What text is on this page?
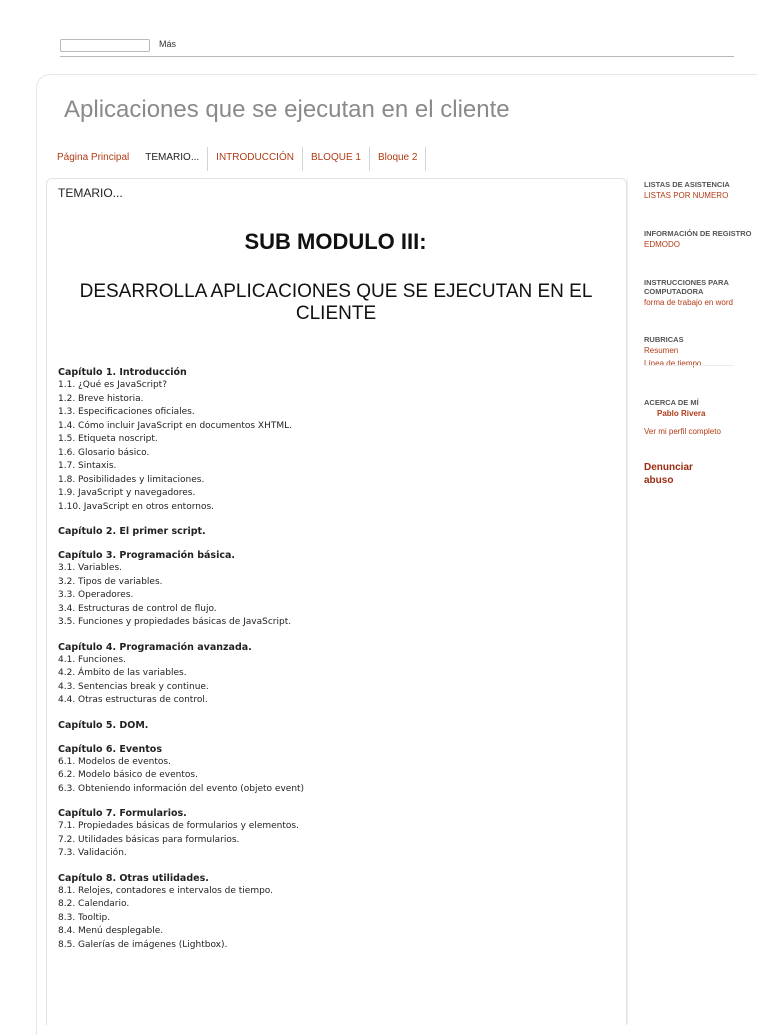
Más
Aplicaciones que se ejecutan en el cliente
Página Principal	TEMARIO...	INTRODUCCIÓN	BLOQUE 1	Bloque 2
TEMARIO...
SUB MODULO III:
DESARROLLA APLICACIONES QUE SE EJECUTAN EN EL CLIENTE
Capítulo 1. Introducción
1.1. ¿Qué es JavaScript?
1.2. Breve historia.
1.3. Especificaciones oficiales.
1.4. Cómo incluir JavaScript en documentos XHTML.
1.5. Etiqueta noscript.
1.6. Glosario básico.
1.7. Sintaxis.
1.8. Posibilidades y limitaciones.
1.9. JavaScript y navegadores.
1.10. JavaScript en otros entornos.
Capítulo 2. El primer script.
Capítulo 3. Programación básica.
3.1. Variables.
3.2. Tipos de variables.
3.3. Operadores.
3.4. Estructuras de control de flujo.
3.5. Funciones y propiedades básicas de JavaScript.
Capítulo 4. Programación avanzada.
4.1. Funciones.
4.2. Ámbito de las variables.
4.3. Sentencias break y continue.
4.4. Otras estructuras de control.
Capítulo 5. DOM.
Capítulo 6. Eventos
6.1. Modelos de eventos.
6.2. Modelo básico de eventos.
6.3. Obteniendo información del evento (objeto event)
Capítulo 7. Formularios.
7.1. Propiedades básicas de formularios y elementos.
7.2. Utilidades básicas para formularios.
7.3. Validación.
Capítulo 8. Otras utilidades.
8.1. Relojes, contadores e intervalos de tiempo.
8.2. Calendario.
8.3. Tooltip.
8.4. Menú desplegable.
8.5. Galerías de imágenes (Lightbox).
LISTAS DE ASISTENCIA
LISTAS POR NUMERO
INFORMACIÓN DE REGISTRO
EDMODO
INSTRUCCIONES PARA
COMPUTADORA
forma de trabajo en word
RUBRICAS
Resumen
Línea de tiempo
ACERCA DE MÍ
Pablo Rivera
Ver mi perfil completo
Denunciar
abuso
